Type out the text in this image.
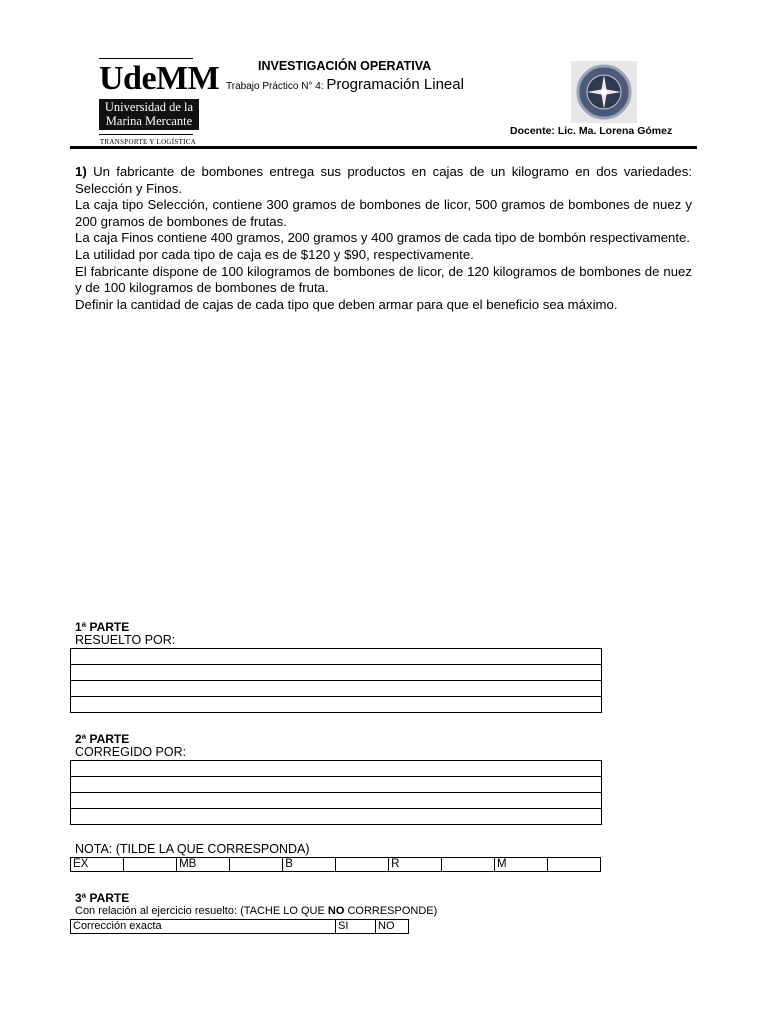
UdeMM
Universidad de la
Marina Mercante
TRANSPORTE Y LOGÍSTICA
INVESTIGACIÓN OPERATIVA
Trabajo Práctico N° 4: Programación Lineal
Docente: Lic. Ma. Lorena Gómez

1) Un fabricante de bombones entrega sus productos en cajas de un kilogramo en dos variedades: Selección y Finos.

La caja tipo Selección, contiene 300 gramos de bombones de licor, 500 gramos de bombones de nuez y 200 gramos de bombones de frutas.

La caja Finos contiene 400 gramos, 200 gramos y 400 gramos de cada tipo de bombón respectivamente.

La utilidad por cada tipo de caja es de $120 y $90, respectivamente.

El fabricante dispone de 100 kilogramos de bombones de licor, de 120 kilogramos de bombones de nuez y de 100 kilogramos de bombones de fruta.

Definir la cantidad de cajas de cada tipo que deben armar para que el beneficio sea máximo.

1ª PARTE
RESUELTO POR:
2ª PARTE
CORREGIDO POR:
NOTA: (TILDE LA QUE CORRESPONDA)
EX		MB		B		R		M	
3ª PARTE
Con relación al ejercicio resuelto: (TACHE LO QUE NO CORRESPONDE)
Corrección exacta	SI	NO
